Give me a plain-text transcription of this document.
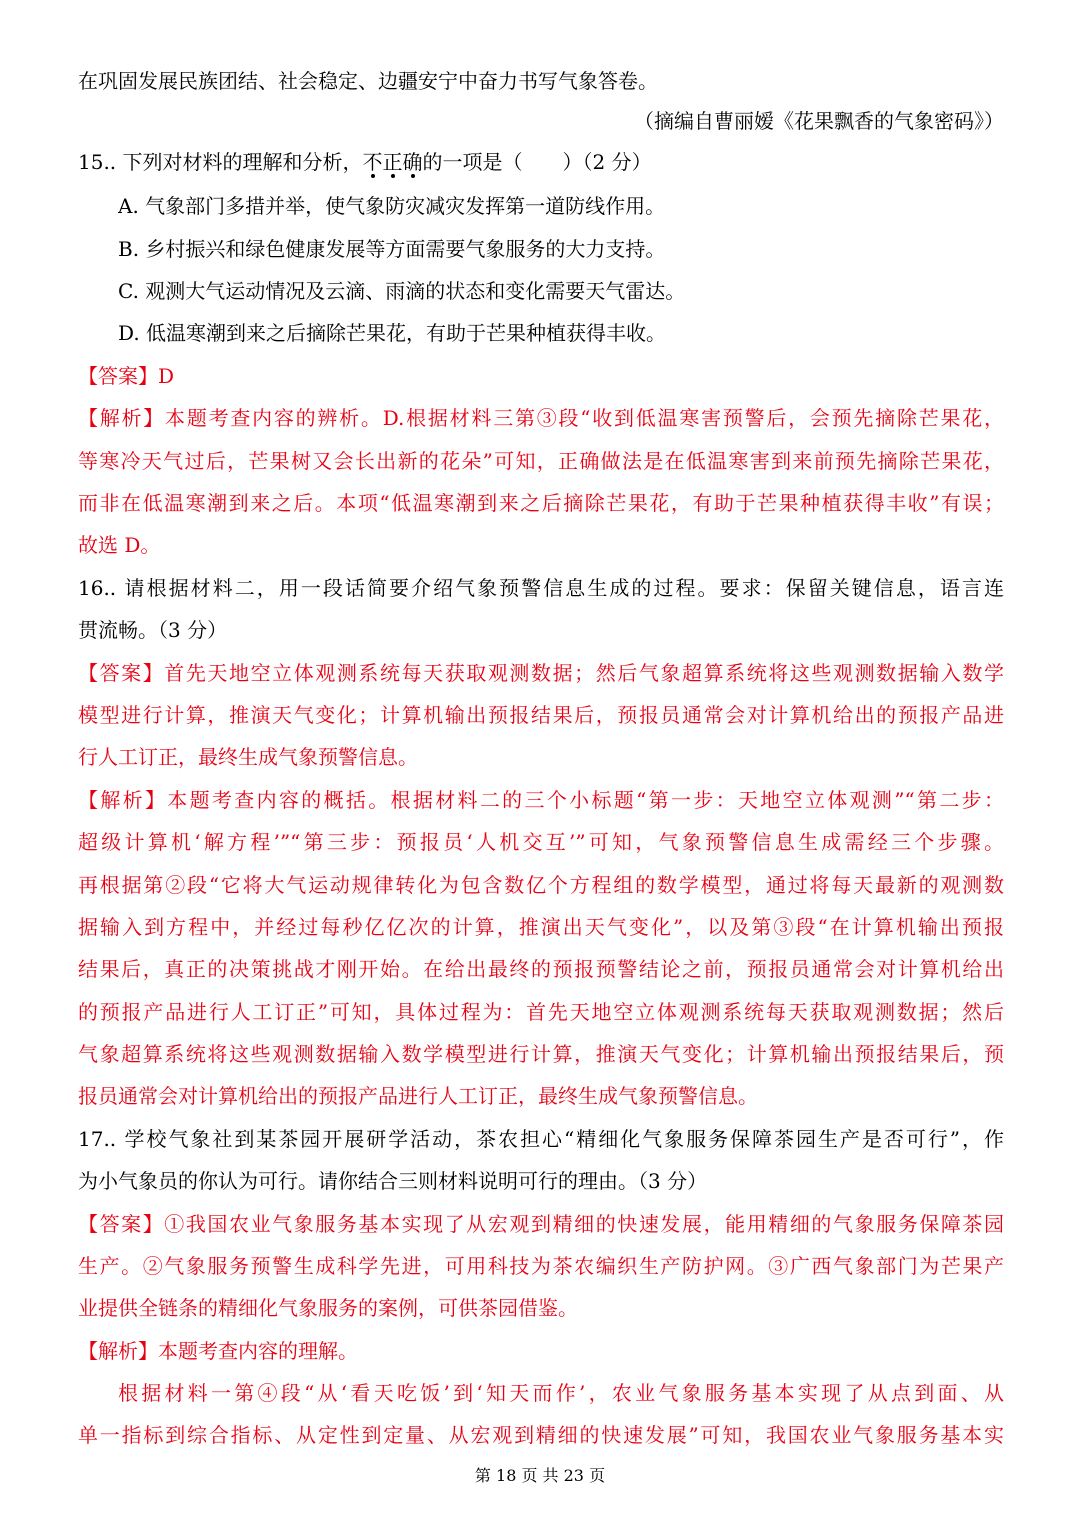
在巩固发展民族团结、社会稳定、边疆安宁中奋力书写气象答卷。
（摘编自曹丽嫒《花果飘香的气象密码》）
15.. 下列对材料的理解和分析，不正确的一项是（　　）（2 分）
A. 气象部门多措并举，使气象防灾减灾发挥第一道防线作用。
B. 乡村振兴和绿色健康发展等方面需要气象服务的大力支持。
C. 观测大气运动情况及云滴、雨滴的状态和变化需要天气雷达。
D. 低温寒潮到来之后摘除芒果花，有助于芒果种植获得丰收。
【答案】D
【解析】本题考查内容的辨析。D.根据材料三第③段“收到低温寒害预警后，会预先摘除芒果花，
等寒冷天气过后，芒果树又会长出新的花朵”可知，正确做法是在低温寒害到来前预先摘除芒果花，
而非在低温寒潮到来之后。本项“低温寒潮到来之后摘除芒果花，有助于芒果种植获得丰收”有误；
故选 D。
16.. 请根据材料二，用一段话简要介绍气象预警信息生成的过程。要求：保留关键信息，语言连
贯流畅。（3 分）
【答案】首先天地空立体观测系统每天获取观测数据；然后气象超算系统将这些观测数据输入数学
模型进行计算，推演天气变化；计算机输出预报结果后，预报员通常会对计算机给出的预报产品进
行人工订正，最终生成气象预警信息。
【解析】本题考查内容的概括。根据材料二的三个小标题“第一步：天地空立体观测”“第二步：
超级计算机‘解方程’”“第三步：预报员‘人机交互’”可知，气象预警信息生成需经三个步骤。
再根据第②段“它将大气运动规律转化为包含数亿个方程组的数学模型，通过将每天最新的观测数
据输入到方程中，并经过每秒亿亿次的计算，推演出天气变化”，以及第③段“在计算机输出预报
结果后，真正的决策挑战才刚开始。在给出最终的预报预警结论之前，预报员通常会对计算机给出
的预报产品进行人工订正”可知，具体过程为：首先天地空立体观测系统每天获取观测数据；然后
气象超算系统将这些观测数据输入数学模型进行计算，推演天气变化；计算机输出预报结果后，预
报员通常会对计算机给出的预报产品进行人工订正，最终生成气象预警信息。
17.. 学校气象社到某茶园开展研学活动，茶农担心“精细化气象服务保障茶园生产是否可行”，作
为小气象员的你认为可行。请你结合三则材料说明可行的理由。（3 分）
【答案】①我国农业气象服务基本实现了从宏观到精细的快速发展，能用精细的气象服务保障茶园
生产。②气象服务预警生成科学先进，可用科技为茶农编织生产防护网。③广西气象部门为芒果产
业提供全链条的精细化气象服务的案例，可供茶园借鉴。
【解析】本题考查内容的理解。
根据材料一第④段“从‘看天吃饭’到‘知天而作’，农业气象服务基本实现了从点到面、从
单一指标到综合指标、从定性到定量、从宏观到精细的快速发展”可知，我国农业气象服务基本实
第 18 页 共 23 页
